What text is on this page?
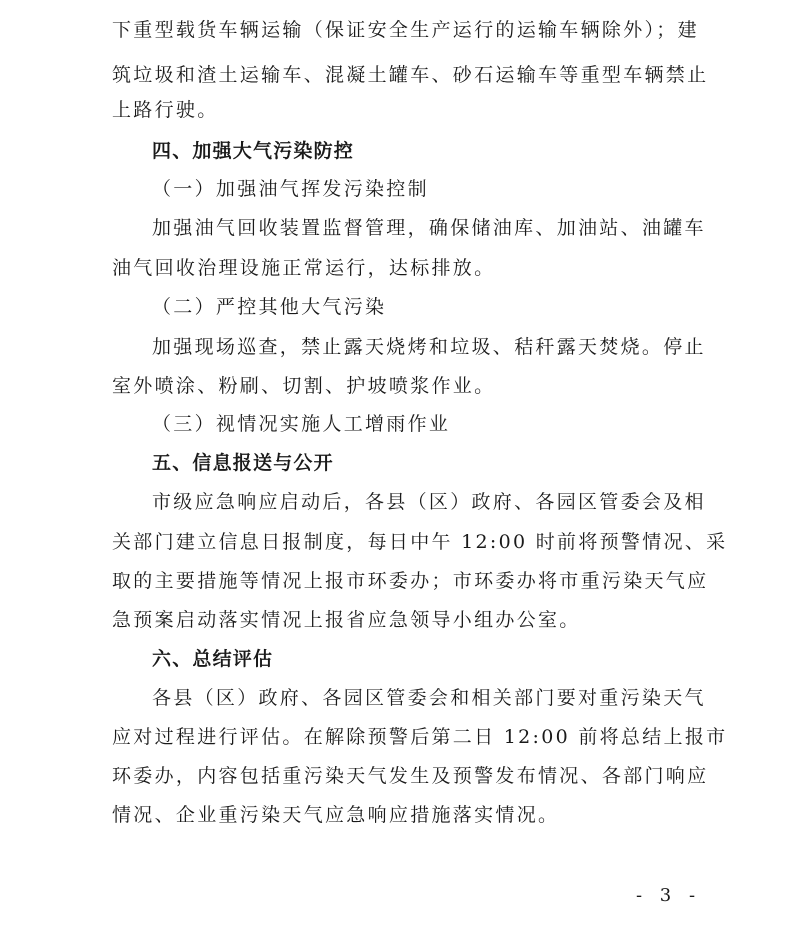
下重型载货车辆运输（保证安全生产运行的运输车辆除外）；建
筑垃圾和渣土运输车、混凝土罐车、砂石运输车等重型车辆禁止
上路行驶。
四、加强大气污染防控
（一）加强油气挥发污染控制
加强油气回收装置监督管理，确保储油库、加油站、油罐车
油气回收治理设施正常运行，达标排放。
（二）严控其他大气污染
加强现场巡查，禁止露天烧烤和垃圾、秸秆露天焚烧。停止
室外喷涂、粉刷、切割、护坡喷浆作业。
（三）视情况实施人工增雨作业
五、信息报送与公开
市级应急响应启动后，各县（区）政府、各园区管委会及相
关部门建立信息日报制度，每日中午 12:00 时前将预警情况、采
取的主要措施等情况上报市环委办；市环委办将市重污染天气应
急预案启动落实情况上报省应急领导小组办公室。
六、总结评估
各县（区）政府、各园区管委会和相关部门要对重污染天气
应对过程进行评估。在解除预警后第二日 12:00 前将总结上报市
环委办，内容包括重污染天气发生及预警发布情况、各部门响应
情况、企业重污染天气应急响应措施落实情况。
- 3 -
